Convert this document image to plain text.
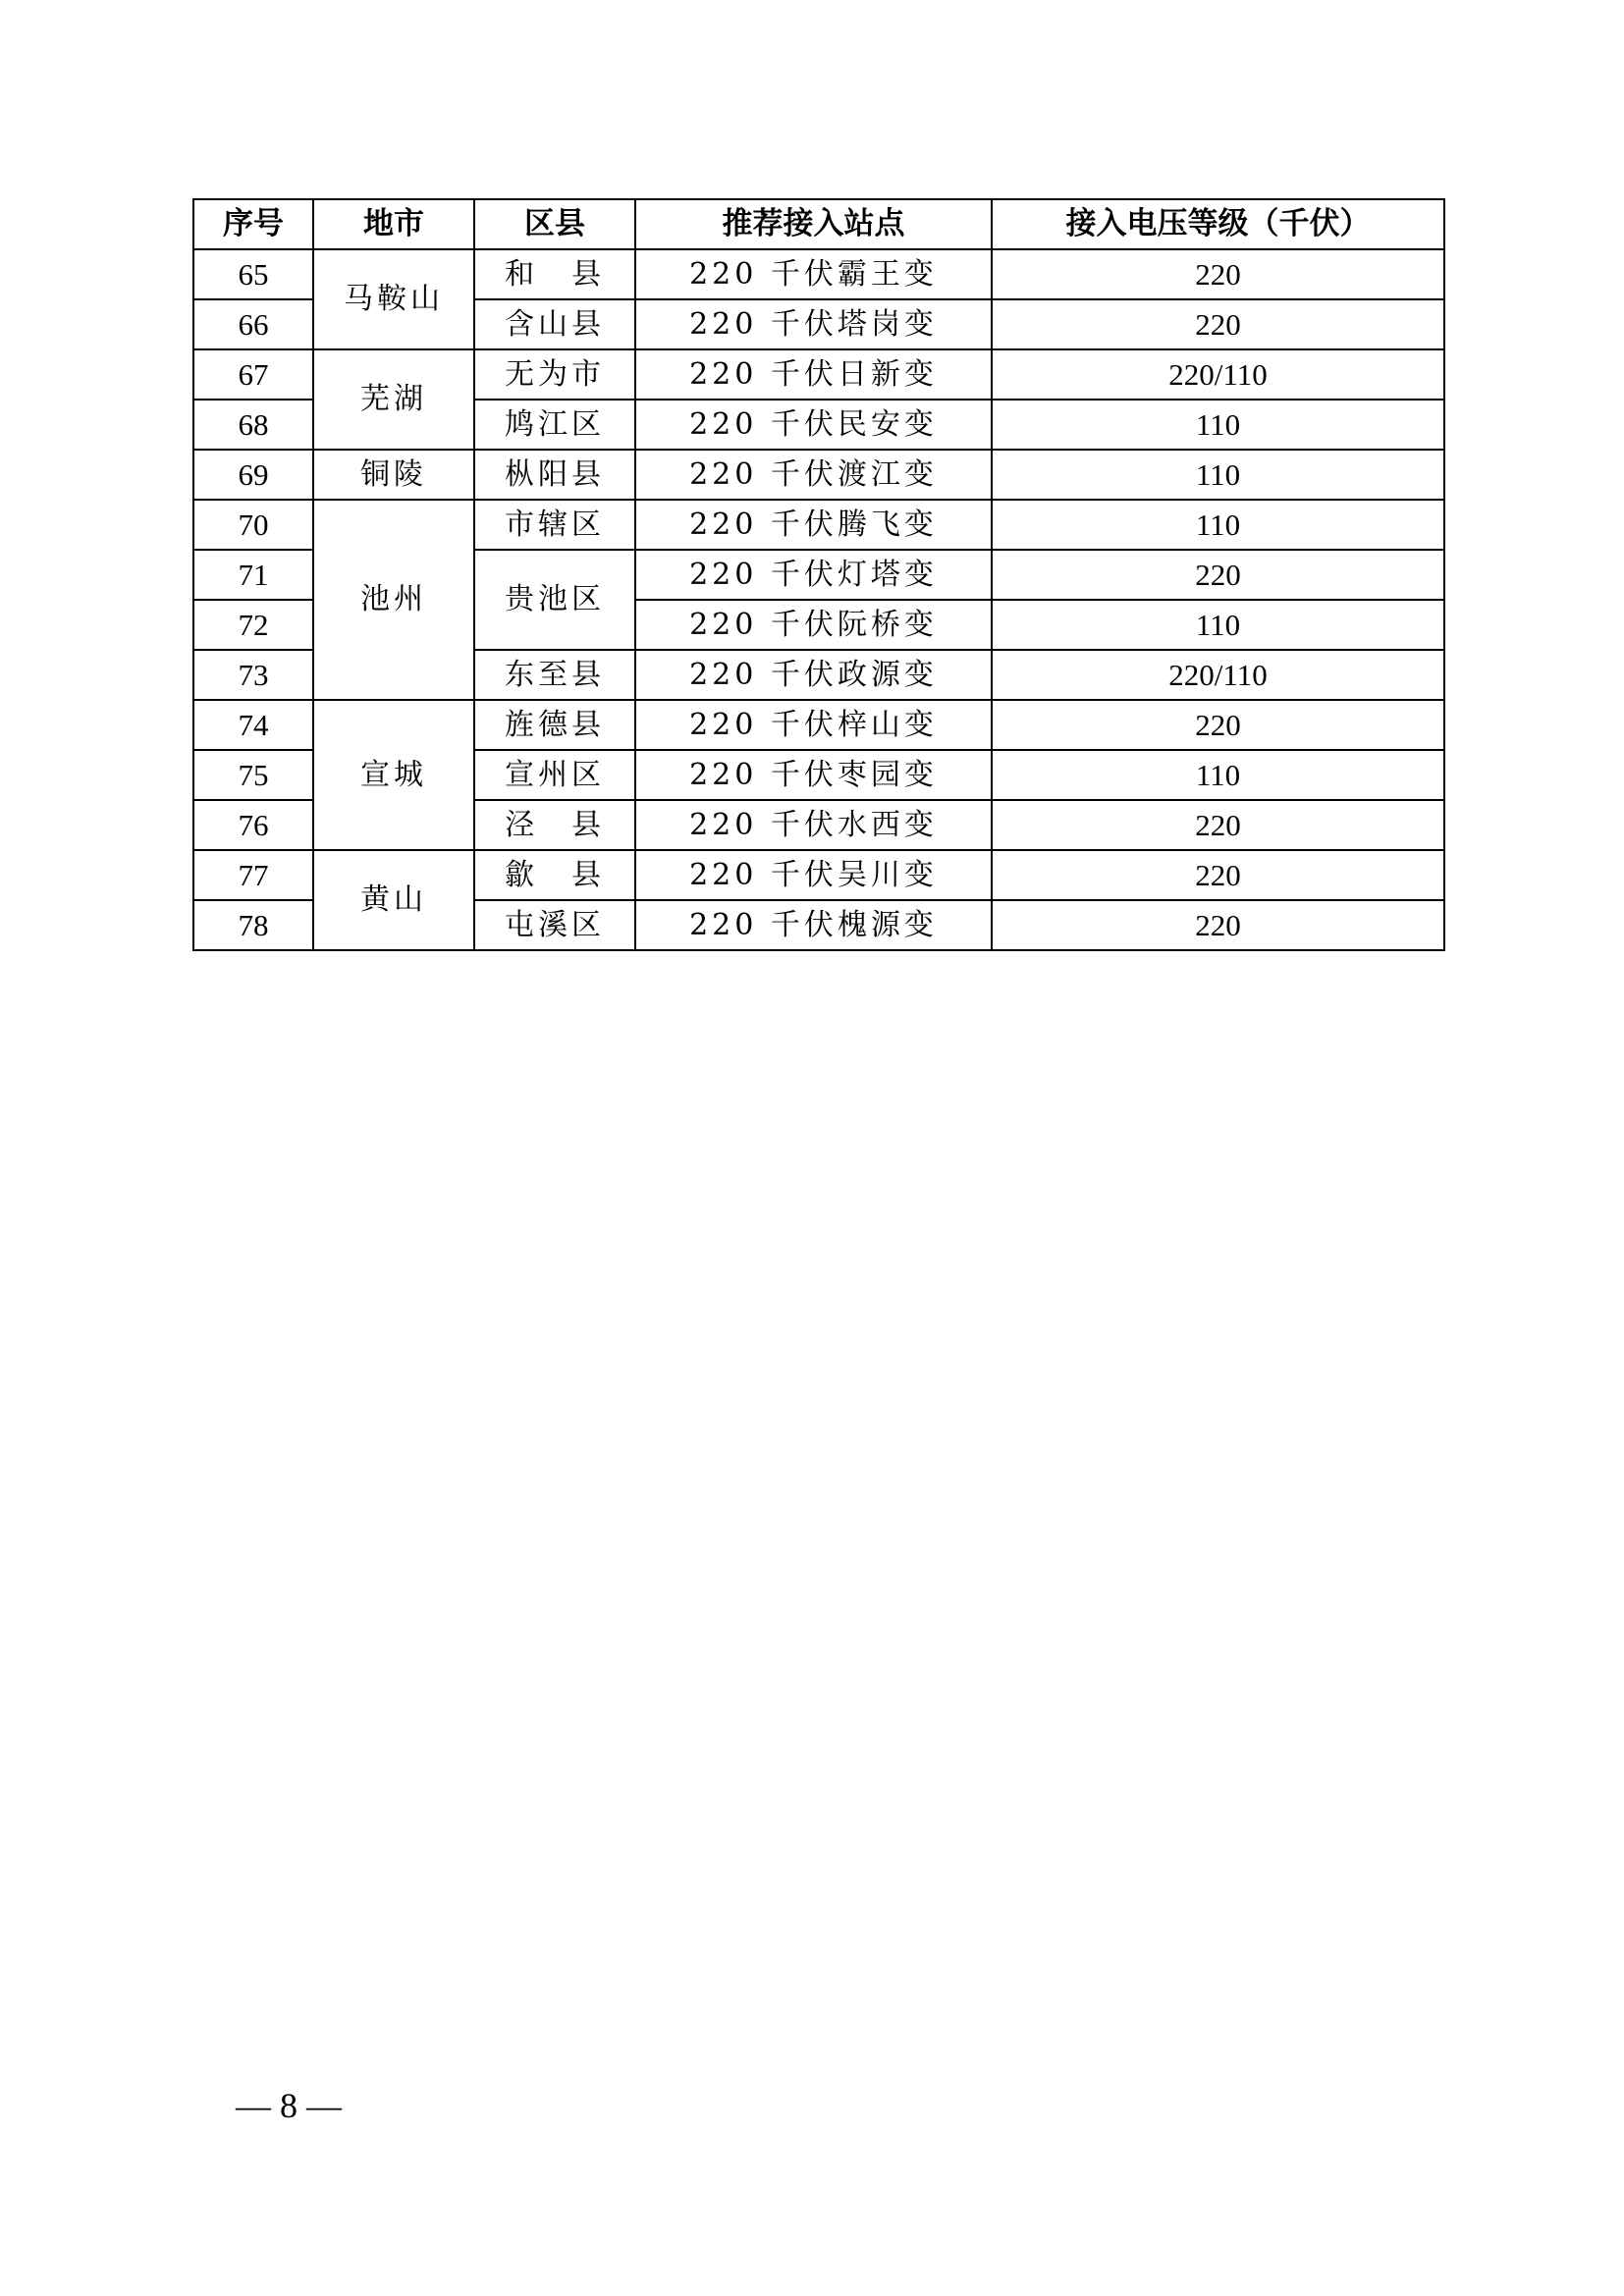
序号	地市	区县	推荐接入站点	接入电压等级（千伏）
65	马鞍山	和　县	220 千伏霸王变	220
66		含山县	220 千伏塔岗变	220
67	芜湖	无为市	220 千伏日新变	220/110
68		鸠江区	220 千伏民安变	110
69	铜陵	枞阳县	220 千伏渡江变	110
70	池州	市辖区	220 千伏腾飞变	110
71		贵池区	220 千伏灯塔变	220
72			220 千伏阮桥变	110
73		东至县	220 千伏政源变	220/110
74	宣城	旌德县	220 千伏梓山变	220
75		宣州区	220 千伏枣园变	110
76		泾　县	220 千伏水西变	220
77	黄山	歙　县	220 千伏吴川变	220
78		屯溪区	220 千伏槐源变	220
— 8 —
